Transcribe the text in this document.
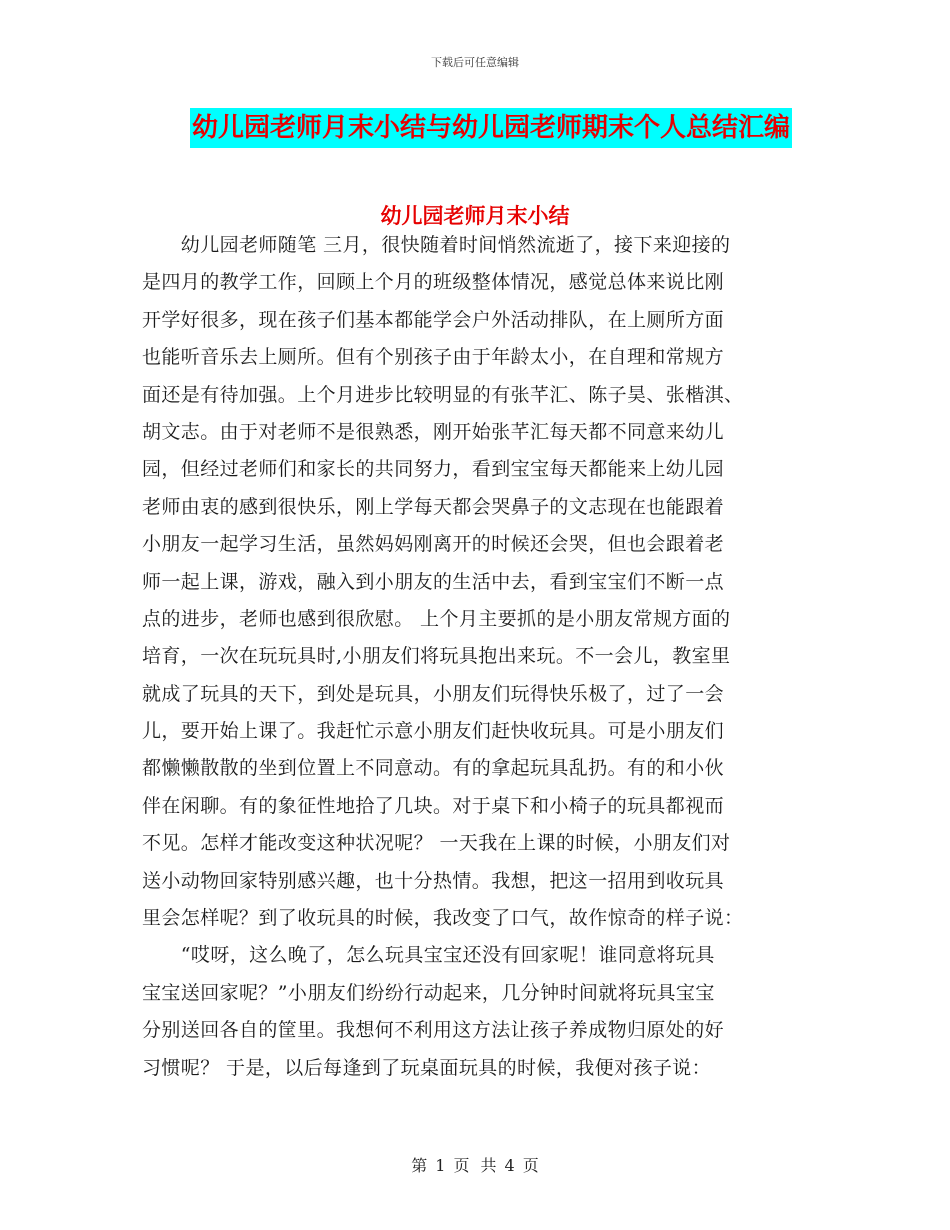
下载后可任意编辑
幼儿园老师月末小结与幼儿园老师期末个人总结汇编
幼儿园老师月末小结
　　幼儿园老师随笔 三月，很快随着时间悄然流逝了，接下来迎接的
是四月的教学工作，回顾上个月的班级整体情况，感觉总体来说比刚
开学好很多，现在孩子们基本都能学会户外活动排队，在上厕所方面
也能听音乐去上厕所。但有个别孩子由于年龄太小，在自理和常规方
面还是有待加强。上个月进步比较明显的有张芊汇、陈子昊、张楷淇、
胡文志。由于对老师不是很熟悉，刚开始张芊汇每天都不同意来幼儿
园，但经过老师们和家长的共同努力，看到宝宝每天都能来上幼儿园
老师由衷的感到很快乐，刚上学每天都会哭鼻子的文志现在也能跟着
小朋友一起学习生活，虽然妈妈刚离开的时候还会哭，但也会跟着老
师一起上课，游戏，融入到小朋友的生活中去，看到宝宝们不断一点
点的进步，老师也感到很欣慰。 上个月主要抓的是小朋友常规方面的
培育，一次在玩玩具时,小朋友们将玩具抱出来玩。不一会儿，教室里
就成了玩具的天下，到处是玩具，小朋友们玩得快乐极了，过了一会
儿，要开始上课了。我赶忙示意小朋友们赶快收玩具。可是小朋友们
都懒懒散散的坐到位置上不同意动。有的拿起玩具乱扔。有的和小伙
伴在闲聊。有的象征性地拾了几块。对于桌下和小椅子的玩具都视而
不见。怎样才能改变这种状况呢？ 一天我在上课的时候，小朋友们对
送小动物回家特别感兴趣，也十分热情。我想，把这一招用到收玩具
里会怎样呢？到了收玩具的时候，我改变了口气，故作惊奇的样子说：
　　“哎呀，这么晚了，怎么玩具宝宝还没有回家呢！谁同意将玩具
宝宝送回家呢？”小朋友们纷纷行动起来，几分钟时间就将玩具宝宝
分别送回各自的筐里。我想何不利用这方法让孩子养成物归原处的好
习惯呢？ 于是，以后每逢到了玩桌面玩具的时候，我便对孩子说：
第 1 页 共 4 页
